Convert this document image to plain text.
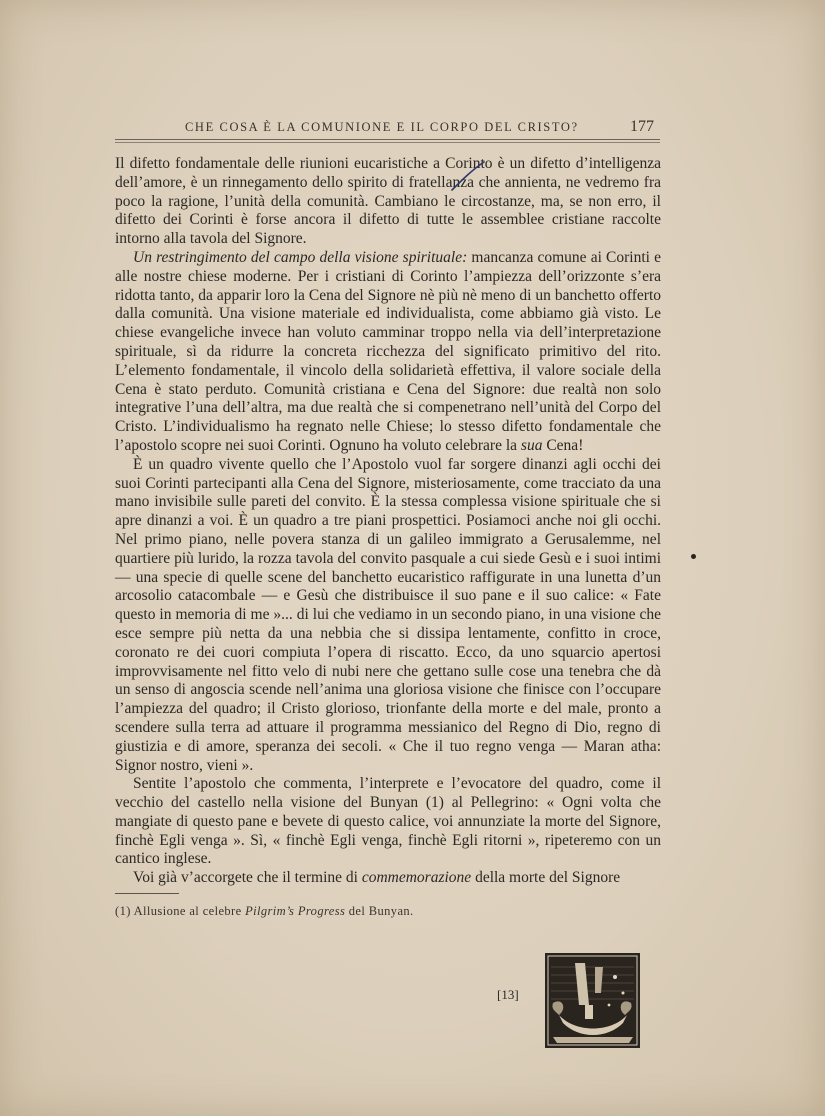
CHE COSA È LA COMUNIONE E IL CORPO DEL CRISTO?	177

Il difetto fondamentale delle riunioni eucaristiche a Corinto è un difetto d’intelligenza dell’amore, è un rinnegamento dello spirito di fratellanza che annienta, ne vedremo fra poco la ragione, l’unità della comunità. Cambiano le circostanze, ma, se non erro, il difetto dei Corinti è forse ancora il difetto di tutte le assemblee cristiane raccolte intorno alla tavola del Signore.

Un restringimento del campo della visione spirituale: mancanza comune ai Corinti e alle nostre chiese moderne. Per i cristiani di Corinto l’ampiezza dell’orizzonte s’era ridotta tanto, da apparir loro la Cena del Signore nè più nè meno di un banchetto offerto dalla comunità. Una visione materiale ed individualista, come abbiamo già visto. Le chiese evangeliche invece han voluto camminar troppo nella via dell’interpretazione spirituale, sì da ridurre la concreta ricchezza del significato primitivo del rito. L’elemento fondamentale, il vincolo della solidarietà effettiva, il valore sociale della Cena è stato perduto. Comunità cristiana e Cena del Signore: due realtà non solo integrative l’una dell’altra, ma due realtà che si compenetrano nell’unità del Corpo del Cristo. L’individualismo ha regnato nelle Chiese; lo stesso difetto fondamentale che l’apostolo scopre nei suoi Corinti. Ognuno ha voluto celebrare la sua Cena!

È un quadro vivente quello che l’Apostolo vuol far sorgere dinanzi agli occhi dei suoi Corinti partecipanti alla Cena del Signore, misteriosamente, come tracciato da una mano invisibile sulle pareti del convito. È la stessa complessa visione spirituale che si apre dinanzi a voi. È un quadro a tre piani prospettici. Posiamoci anche noi gli occhi. Nel primo piano, nelle povera stanza di un galileo immigrato a Gerusalemme, nel quartiere più lurido, la rozza tavola del convito pasquale a cui siede Gesù e i suoi intimi — una specie di quelle scene del banchetto eucaristico raffigurate in una lunetta d’un arcosolio catacombale — e Gesù che distribuisce il suo pane e il suo calice: « Fate questo in memoria di me »... di lui che vediamo in un secondo piano, in una visione che esce sempre più netta da una nebbia che si dissipa lentamente, confitto in croce, coronato re dei cuori compiuta l’opera di riscatto. Ecco, da uno squarcio apertosi improvvisamente nel fitto velo di nubi nere che gettano sulle cose una tenebra che dà un senso di angoscia scende nell’anima una gloriosa visione che finisce con l’occupare l’ampiezza del quadro; il Cristo glorioso, trionfante della morte e del male, pronto a scendere sulla terra ad attuare il programma messianico del Regno di Dio, regno di giustizia e di amore, speranza dei secoli. « Che il tuo regno venga — Maran atha: Signor nostro, vieni ».

Sentite l’apostolo che commenta, l’interprete e l’evocatore del quadro, come il vecchio del castello nella visione del Bunyan (1) al Pellegrino: « Ogni volta che mangiate di questo pane e bevete di questo calice, voi annunziate la morte del Signore, finchè Egli venga ». Sì, « finchè Egli venga, finchè Egli ritorni », ripeteremo con un cantico inglese.

Voi già v’accorgete che il termine di commemorazione della morte del Signore

(1) Allusione al celebre Pilgrim’s Progress del Bunyan.
[13]
